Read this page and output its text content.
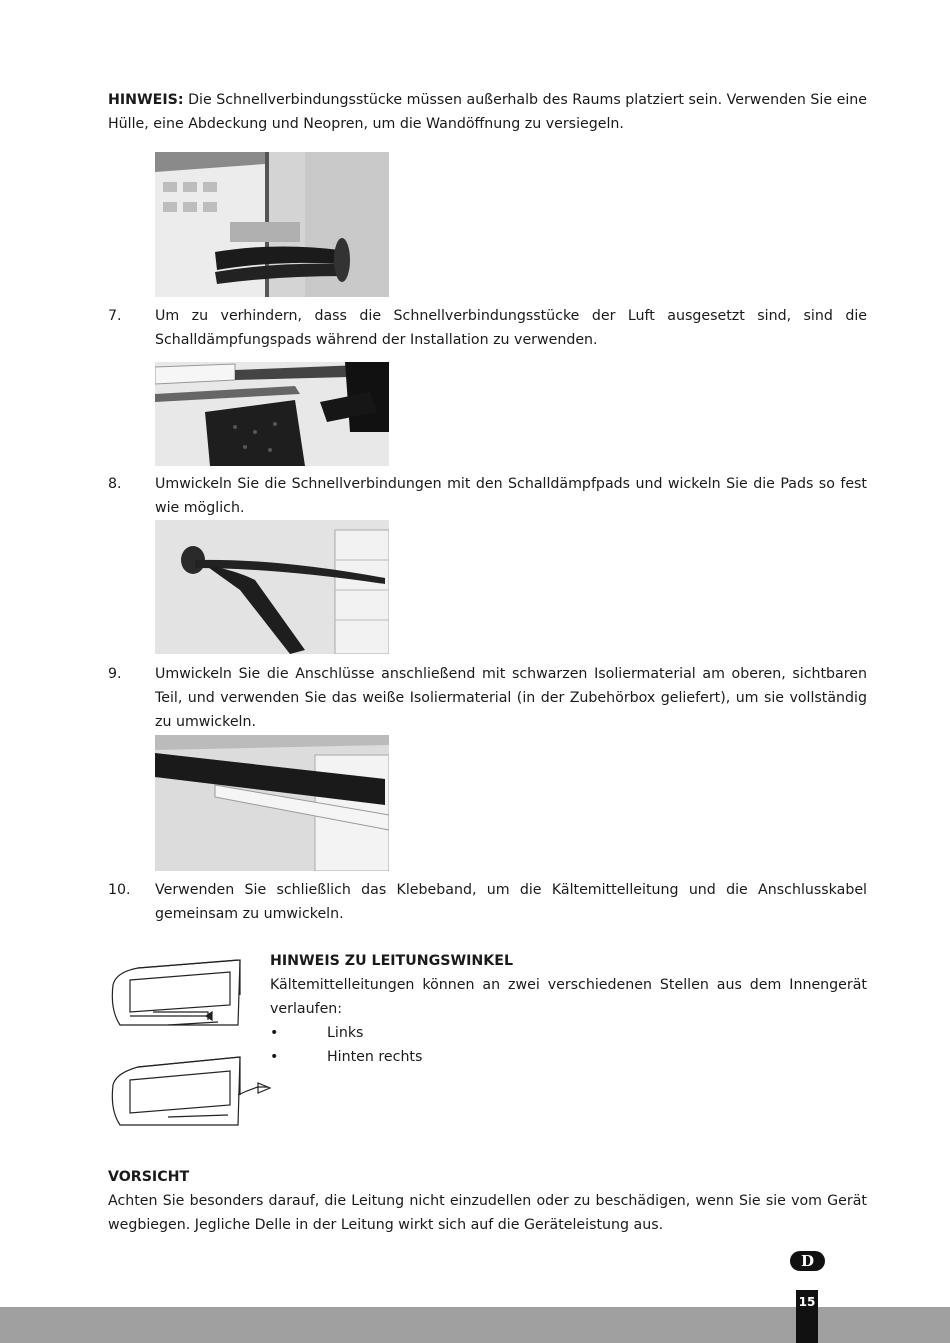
HINWEIS: Die Schnellverbindungsstücke müssen außerhalb des Raums platziert sein. Verwenden Sie eine Hülle, eine Abdeckung und Neopren, um die Wandöffnung zu versiegeln.
7. Um zu verhindern, dass die Schnellverbindungsstücke der Luft ausgesetzt sind, sind die Schalldämpfungspads während der Installation zu verwenden.
8. Umwickeln Sie die Schnellverbindungen mit den Schalldämpfpads und wickeln Sie die Pads so fest wie möglich.
9. Umwickeln Sie die Anschlüsse anschließend mit schwarzen Isoliermaterial am oberen, sichtbaren Teil, und verwenden Sie das weiße Isoliermaterial (in der Zubehörbox geliefert), um sie vollständig zu umwickeln.
10. Verwenden Sie schließlich das Klebeband, um die Kältemittelleitung und die Anschlusskabel gemeinsam zu umwickeln.
HINWEIS ZU LEITUNGSWINKEL
Kältemittelleitungen können an zwei verschiedenen Stellen aus dem Innengerät verlaufen:
•	Links
•	Hinten rechts
VORSICHT
Achten Sie besonders darauf, die Leitung nicht einzudellen oder zu beschädigen, wenn Sie sie vom Gerät wegbiegen. Jegliche Delle in der Leitung wirkt sich auf die Geräteleistung aus.
D
15
